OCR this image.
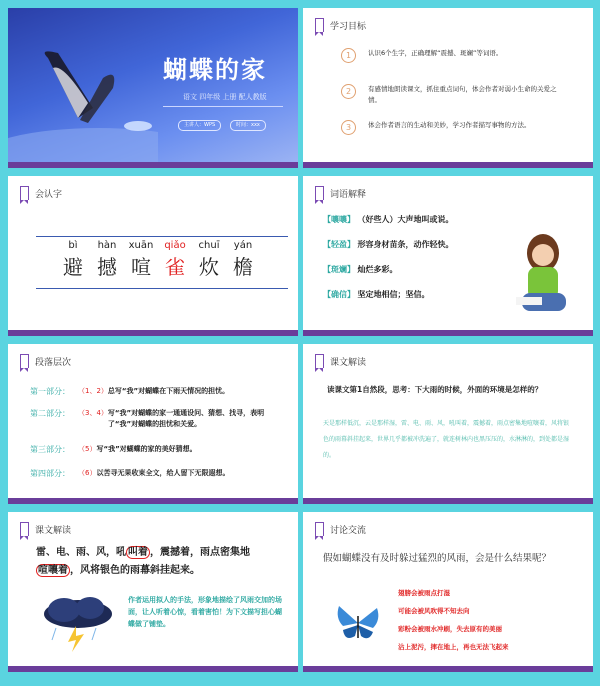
蝴蝶的家
语文 四年级 上册 配人教版
主讲人：WPS	时间：xxx
学习目标
1	认识6个生字，正确理解“震撼、斑斓”等词语。
2	有感情地朗读课文，抓住重点词句，体会作者对弱小生命的关爱之情。
3	体会作者语言的生动和美妙，学习作者描写事物的方法。
会认字
bì
避
hàn
撼
xuān
喧
qiǎo
雀
chuī
炊
yán
檐
词语解释
【嚷嚷】 （好些人）大声地叫或说。
【轻盈】 形容身材苗条，动作轻快。
【斑斓】 灿烂多彩。
【确信】 坚定地相信；坚信。
段落层次
第一部分：	（1、2） 总写“我”对蝴蝶在下雨天情况的担忧。
第二部分：	（3、4） 写“我”对蝴蝶的家一通通设问、猜想、找寻，表明了“我”对蝴蝶的担忧和关爱。
第三部分：	（5） 写“我”对蝴蝶的家的美好猜想。
第四部分：	（6） 以苦寻无果收束全文，给人留下无限遐想。
课文解读
读课文第1自然段，思考：下大雨的时候，外面的环境是怎样的？
天是那样低沉，云是那样湿，雷、电、雨、风，吼叫着，震撼着，雨点密集地喧嚷着，风将银色的雨幕斜挂起来，世界几乎都被冲洗遍了，就连树林内也黑压压的，水淋淋的，到处都是湿的。
课文解读
雷、电、雨、风，吼 叫着 ，震撼着，雨点密集地
喧嚷着 ，风将银色的雨幕斜挂起来。
作者运用拟人的手法，形象地描绘了风雨交加的场面，让人听着心惊，看着害怕！为下文描写担心蝴蝶做了铺垫。
讨论交流
假如蝴蝶没有及时躲过猛烈的风雨，会是什么结果呢？
翅膀会被雨点打湿
可能会被风吹得不知去向
彩粉会被雨水冲刷，失去原有的美丽
沾上泥污，摔在地上，再也无法飞起来
